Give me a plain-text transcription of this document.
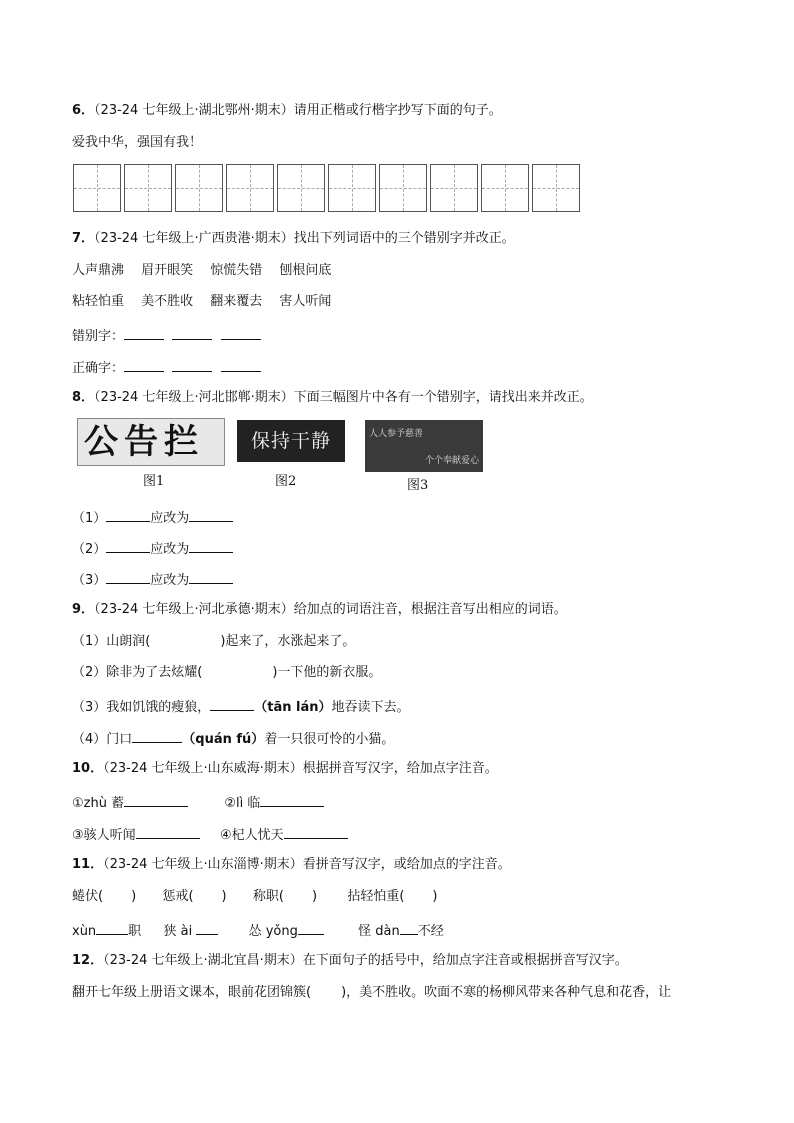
6．（23-24 七年级上·湖北鄂州·期末）请用正楷或行楷字抄写下面的句子。
爱我中华，强国有我！
7．（23-24 七年级上·广西贵港·期末）找出下列词语中的三个错别字并改正。
人声鼎沸　 眉开眼笑　 惊慌失错　 刨根问底
粘轻怕重　 美不胜收　 翻来覆去　 害人听闻
错别字：
正确字：
8．（23-24 七年级上·河北邯郸·期末）下面三幅图片中各有一个错别字，请找出来并改正。
公告拦	保持干静	人人参予慈善
个个奉献爱心
图1	图2	图3
（1）	应改为
（2）	应改为
（3）	应改为
9．（23-24 七年级上·河北承德·期末）给加点的词语注音，根据注音写出相应的词语。
（1）山朗润(	)起来了，水涨起来了。
（2）除非为了去炫耀(	)一下他的新衣服。
（3）我如饥饿的瘦狼，	（tān lán）地吞读下去。
（4）门口	（quán fú）着一只很可怜的小猫。
10．（23-24 七年级上·山东威海·期末）根据拼音写汉字，给加点字注音。
①zhù 蓄	②lì 临
③骇人听闻	④杞人忧天
11．（23-24 七年级上·山东淄博·期末）看拼音写汉字，或给加点的字注音。
蜷伏( ) 惩戒( ) 称职( ) 拈轻怕重( )
xùn 职 狭 ài	怂 yǒng	怪 dàn 不经
12．（23-24 七年级上·湖北宜昌·期末）在下面句子的括号中，给加点字注音或根据拼音写汉字。
翻开七年级上册语文课本，眼前花团锦簇( )，美不胜收。吹面不寒的杨柳风带来各种气息和花香，让
